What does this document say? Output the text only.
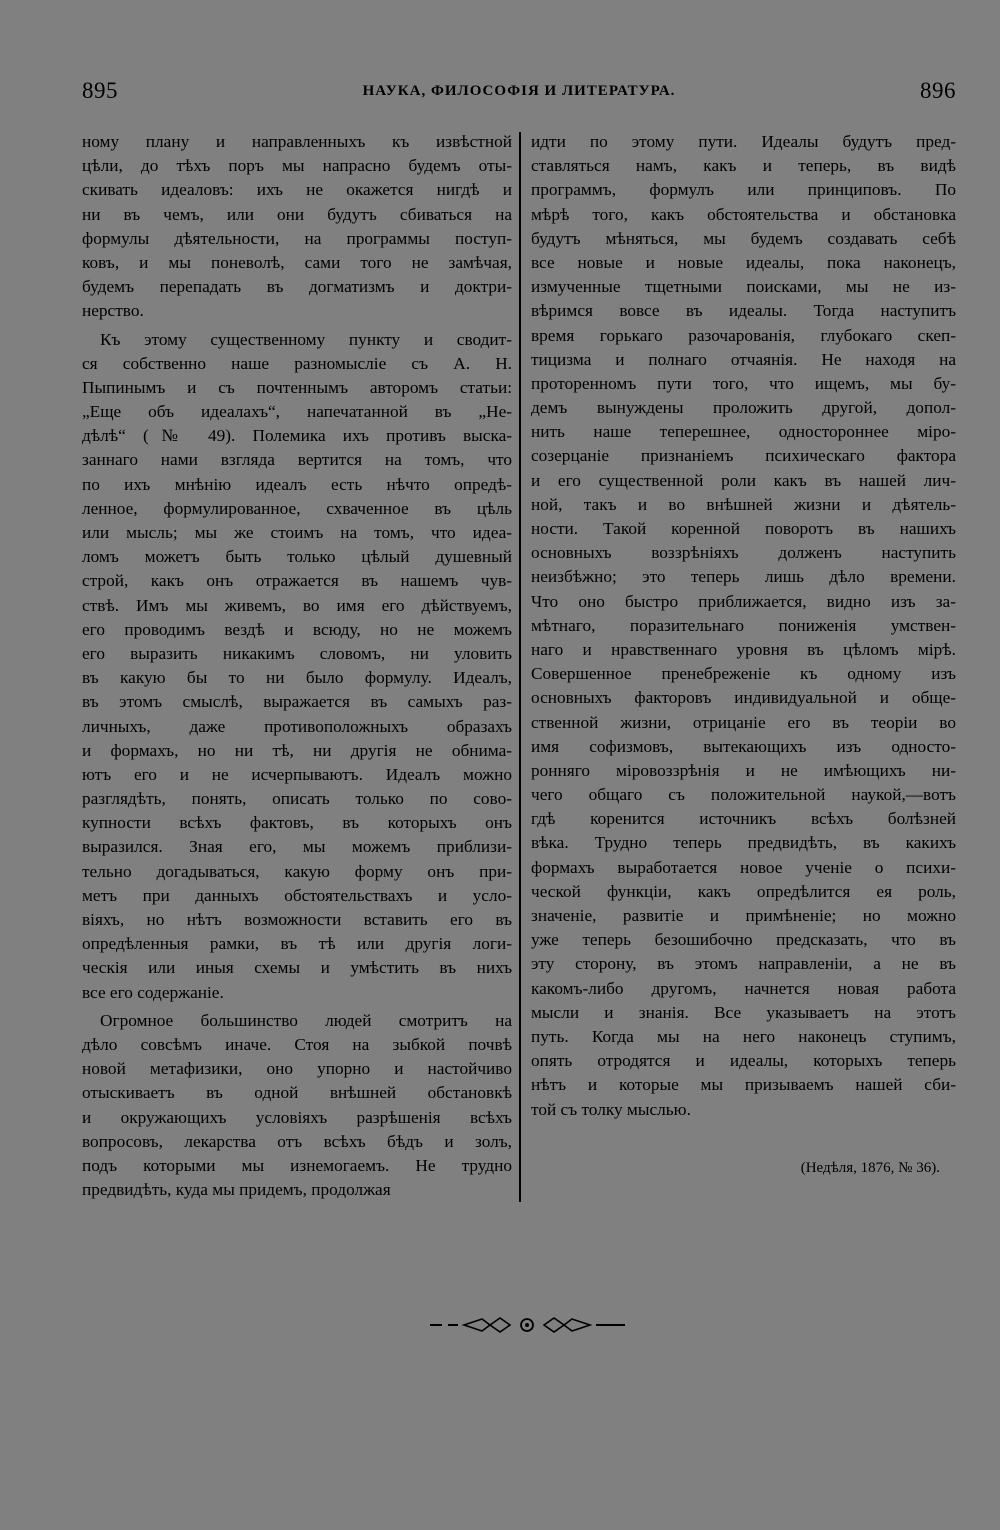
895	НАУКА, ФИЛОСОФІЯ И ЛИТЕРАТУРА.	896
ному плану и направленныхъ къ извѣстной
цѣли, до тѣхъ поръ мы напрасно будемъ оты-
скивать идеаловъ: ихъ не окажется нигдѣ и
ни въ чемъ, или они будутъ сбиваться на
формулы дѣятельности, на программы поступ-
ковъ, и мы поневолѣ, сами того не замѣчая,
будемъ перепадать въ догматизмъ и доктри-
нерство.
Къ этому существенному пункту и сводит-
ся собственно наше разномысліе съ А. Н.
Пыпинымъ и съ почтеннымъ авторомъ статьи:
„Еще объ идеалахъ“, напечатанной въ „Не-
дѣлѣ“ (№ 49). Полемика ихъ противъ выска-
заннаго нами взгляда вертится на томъ, что
по ихъ мнѣнію идеалъ есть нѣчто опредѣ-
ленное, формулированное, схваченное въ цѣль
или мысль; мы же стоимъ на томъ, что идеа-
ломъ можетъ быть только цѣлый душевный
строй, какъ онъ отражается въ нашемъ чув-
ствѣ. Имъ мы живемъ, во имя его дѣйствуемъ,
его проводимъ вездѣ и всюду, но не можемъ
его выразить никакимъ словомъ, ни уловить
въ какую бы то ни было формулу. Идеалъ,
въ этомъ смыслѣ, выражается въ самыхъ раз-
личныхъ, даже противоположныхъ образахъ
и формахъ, но ни тѣ, ни другія не обнима-
ютъ его и не исчерпываютъ. Идеалъ можно
разглядѣть, понять, описать только по сово-
купности всѣхъ фактовъ, въ которыхъ онъ
выразился. Зная его, мы можемъ приблизи-
тельно догадываться, какую форму онъ при-
метъ при данныхъ обстоятельствахъ и усло-
віяхъ, но нѣтъ возможности вставить его въ
опредѣленныя рамки, въ тѣ или другія логи-
ческія или иныя схемы и умѣстить въ нихъ
все его содержаніе.
Огромное большинство людей смотритъ на
дѣло совсѣмъ иначе. Стоя на зыбкой почвѣ
новой метафизики, оно упорно и настойчиво
отыскиваетъ въ одной внѣшней обстановкѣ
и окружающихъ условіяхъ разрѣшенія всѣхъ
вопросовъ, лекарства отъ всѣхъ бѣдъ и золъ,
подъ которыми мы изнемогаемъ. Не трудно
предвидѣть, куда мы придемъ, продолжая
идти по этому пути. Идеалы будутъ пред-
ставляться намъ, какъ и теперь, въ видѣ
программъ, формулъ или принциповъ. По
мѣрѣ того, какъ обстоятельства и обстановка
будутъ мѣняться, мы будемъ создавать себѣ
все новые и новые идеалы, пока наконецъ,
измученные тщетными поисками, мы не из-
вѣримся вовсе въ идеалы. Тогда наступитъ
время горькаго разочарованія, глубокаго скеп-
тицизма и полнаго отчаянія. Не находя на
проторенномъ пути того, что ищемъ, мы бу-
демъ вынуждены проложить другой, допол-
нить наше теперешнее, одностороннее міро-
созерцаніе признаніемъ психическаго фактора
и его существенной роли какъ въ нашей лич-
ной, такъ и во внѣшней жизни и дѣятель-
ности. Такой коренной поворотъ въ нашихъ
основныхъ воззрѣніяхъ долженъ наступить
неизбѣжно; это теперь лишь дѣло времени.
Что оно быстро приближается, видно изъ за-
мѣтнаго, поразительнаго пониженія умствен-
наго и нравственнаго уровня въ цѣломъ мірѣ.
Совершенное пренебреженіе къ одному изъ
основныхъ факторовъ индивидуальной и обще-
ственной жизни, отрицаніе его въ теоріи во
имя софизмовъ, вытекающихъ изъ односто-
ронняго міровоззрѣнія и не имѣющихъ ни-
чего общаго съ положительной наукой,—вотъ
гдѣ коренится источникъ всѣхъ болѣзней
вѣка. Трудно теперь предвидѣть, въ какихъ
формахъ выработается новое ученіе о психи-
ческой функціи, какъ опредѣлится ея роль,
значеніе, развитіе и примѣненіе; но можно
уже теперь безошибочно предсказать, что въ
эту сторону, въ этомъ направленіи, а не въ
какомъ-либо другомъ, начнется новая работа
мысли и знанія. Все указываетъ на этотъ
путь. Когда мы на него наконецъ ступимъ,
опять отродятся и идеалы, которыхъ теперь
нѣтъ и которые мы призываемъ нашей сби-
той съ толку мыслью.
(Недѣля, 1876, № 36).
